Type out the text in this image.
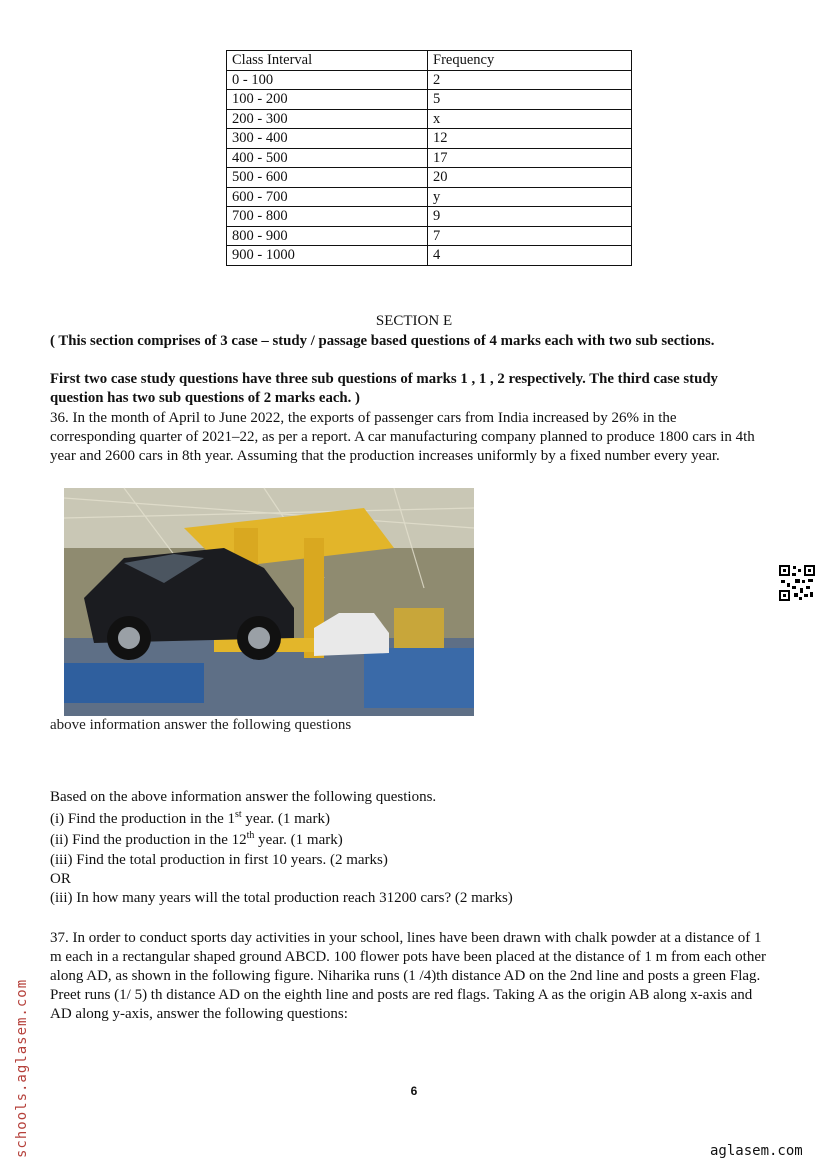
Class Interval	Frequency
0 - 100	2
100 - 200	5
200 - 300	x
300 - 400	12
400 - 500	17
500 - 600	20
600 - 700	y
700 - 800	9
800 - 900	7
900 - 1000	4
SECTION E
( This section comprises of 3 case – study / passage based questions of 4 marks each with two sub sections.
First two case study questions have three sub questions of marks 1 , 1 , 2 respectively. The third case study question has two sub questions of 2 marks each. )
36. In the month of April to June 2022, the exports of passenger cars from India increased by 26% in the corresponding quarter of 2021–22, as per a report. A car manufacturing company planned to produce 1800 cars in 4th year and 2600 cars in 8th year. Assuming that the production increases uniformly by a fixed number every year.
above information answer the following questions
Based on the above information answer the following questions.
(i) Find the production in the 1st year. (1 mark)
(ii) Find the production in the 12th year. (1 mark)
(iii) Find the total production in first 10 years. (2 marks)
OR
(iii) In how many years will the total production reach 31200 cars? (2 marks)
37. In order to conduct sports day activities in your school, lines have been drawn with chalk powder at a distance of 1 m each in a rectangular shaped ground ABCD. 100 flower pots have been placed at the distance of 1 m from each other along AD, as shown in the following figure. Niharika runs (1 /4)th distance AD on the 2nd line and posts a green Flag. Preet runs (1/ 5) th distance AD on the eighth line and posts are red flags. Taking A as the origin AB along x-axis and AD along y-axis, answer the following questions:
6
schools.aglasem.com	aglasem.com
